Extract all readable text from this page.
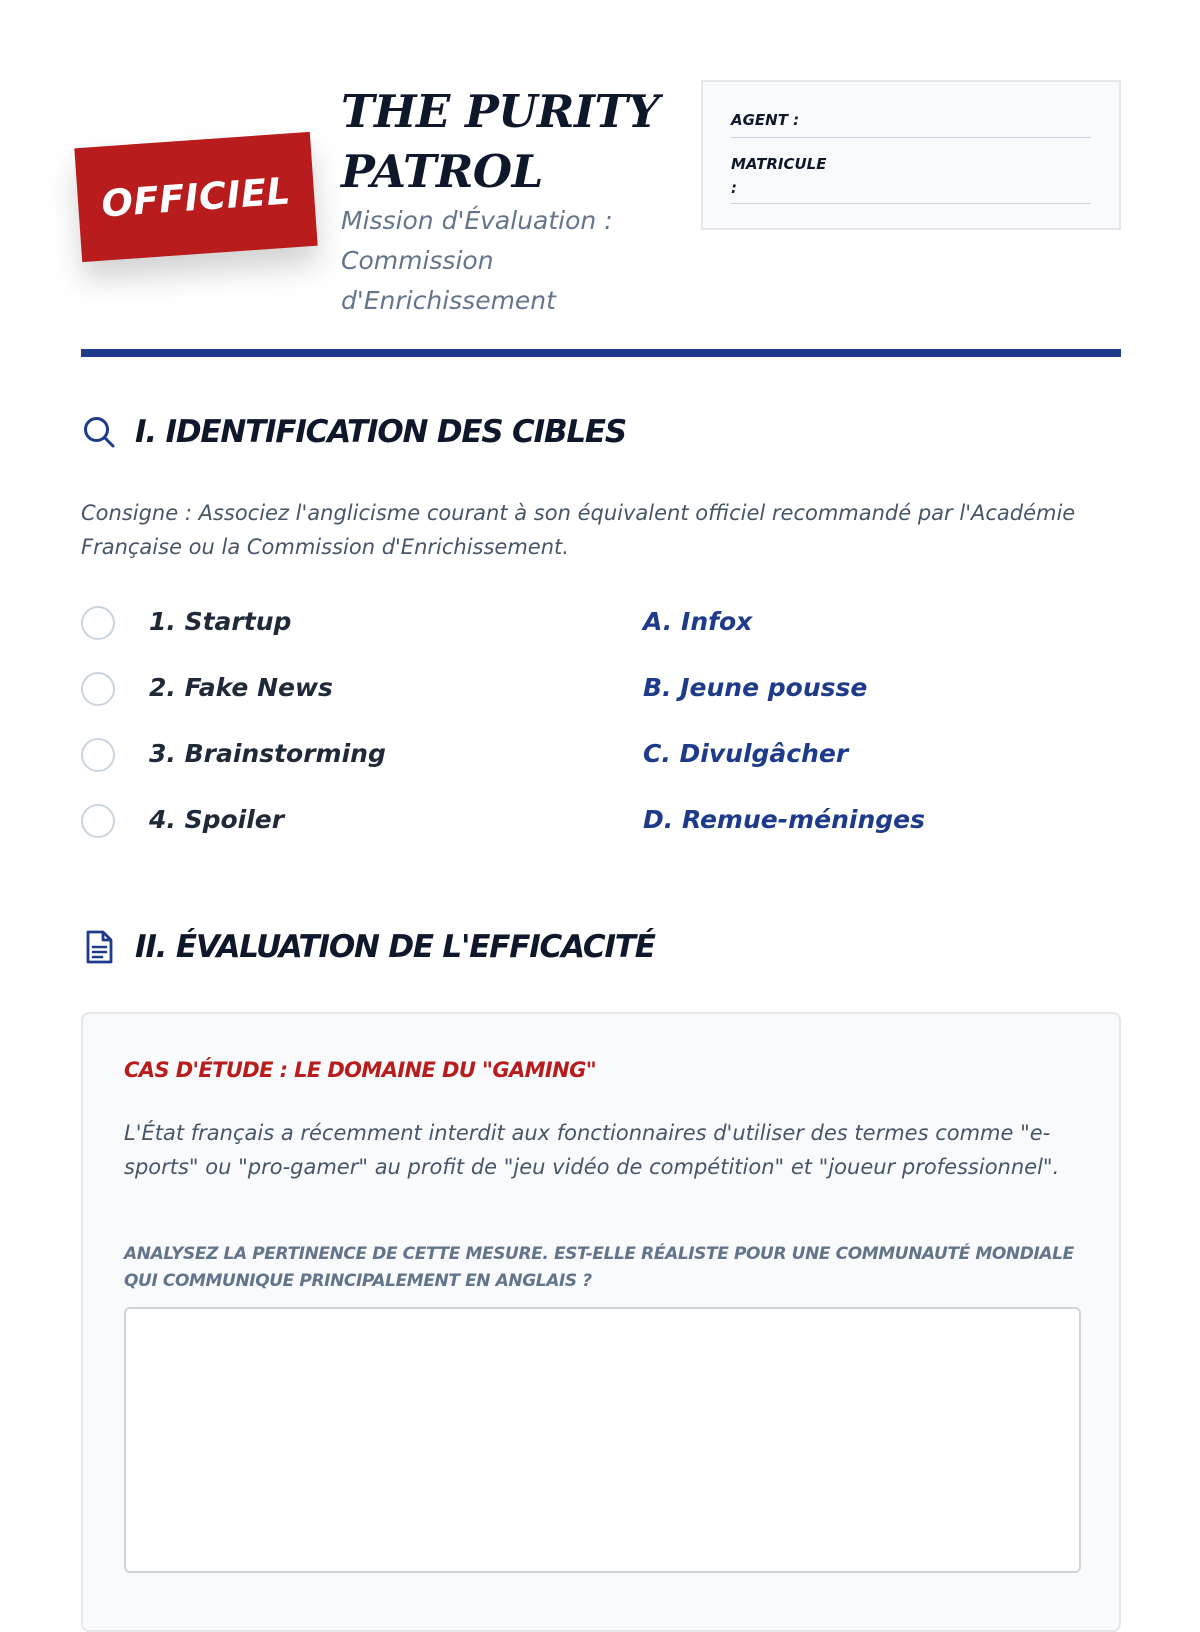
OFFICIEL
THE PURITY PATROL

Mission d'Évaluation : Commission d'Enrichissement

AGENT :
MATRICULE :
I. IDENTIFICATION DES CIBLES

Consigne : Associez l'anglicisme courant à son équivalent officiel recommandé par l'Académie Française ou la Commission d'Enrichissement.

1. Startup	A. Infox
2. Fake News	B. Jeune pousse
3. Brainstorming	C. Divulgâcher
4. Spoiler	D. Remue-méninges
II. ÉVALUATION DE L'EFFICACITÉ

CAS D'ÉTUDE : LE DOMAINE DU "GAMING"

L'État français a récemment interdit aux fonctionnaires d'utiliser des termes comme "e-sports" ou "pro-gamer" au profit de "jeu vidéo de compétition" et "joueur professionnel".

ANALYSEZ LA PERTINENCE DE CETTE MESURE. EST-ELLE RÉALISTE POUR UNE COMMUNAUTÉ MONDIALE QUI COMMUNIQUE PRINCIPALEMENT EN ANGLAIS ?
